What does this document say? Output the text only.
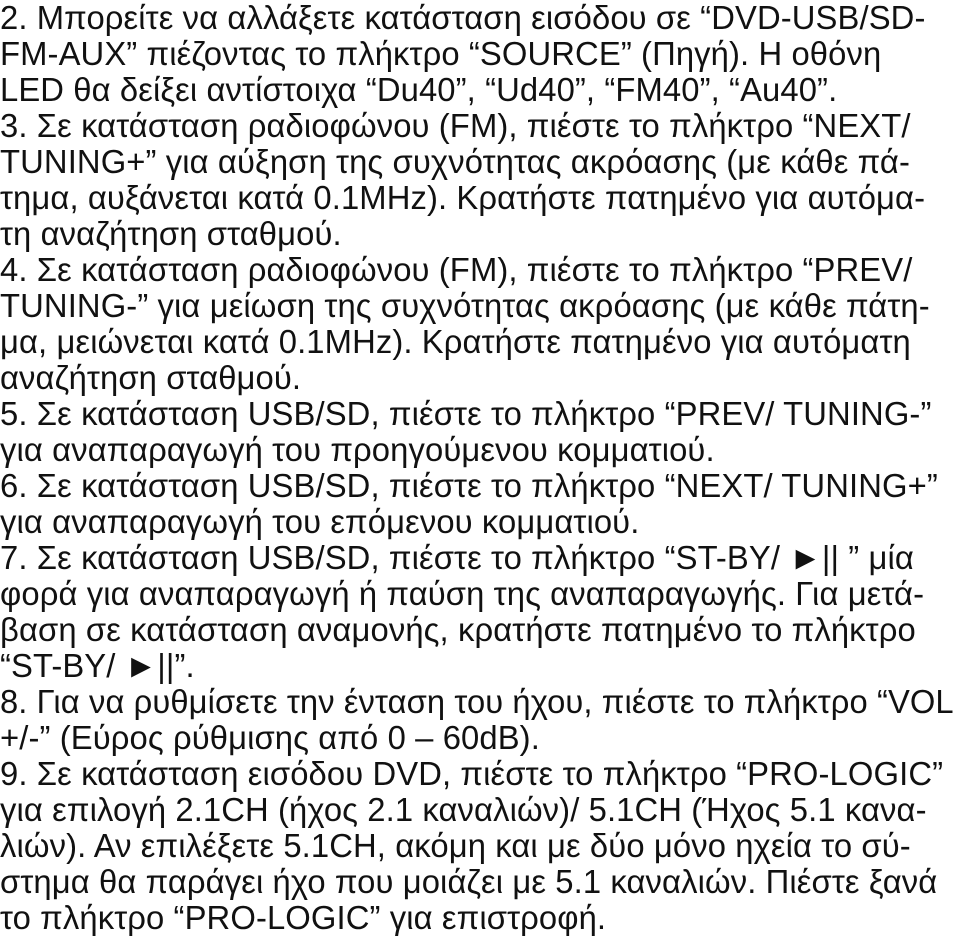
2. Μπορείτε να αλλάξετε κατάσταση εισόδου σε “DVD-USB/SD-
FM-AUX” πιέζοντας το πλήκτρο “SOURCE” (Πηγή). Η οθόνη
LED θα δείξει αντίστοιχα “Du40”, “Ud40”, “FM40”, “Au40”.
3. Σε κατάσταση ραδιοφώνου (FM), πιέστε το πλήκτρο “NEXT/
TUNING+” για αύξηση της συχνότητας ακρόασης (με κάθε πά-
τημα, αυξάνεται κατά 0.1MHz). Κρατήστε πατημένο για αυτόμα-
τη αναζήτηση σταθμού.
4. Σε κατάσταση ραδιοφώνου (FM), πιέστε το πλήκτρο “PREV/
TUNING-” για μείωση της συχνότητας ακρόασης (με κάθε πάτη-
μα, μειώνεται κατά 0.1MHz). Κρατήστε πατημένο για αυτόματη
αναζήτηση σταθμού.
5. Σε κατάσταση USB/SD, πιέστε το πλήκτρο “PREV/ TUNING-”
για αναπαραγωγή του προηγούμενου κομματιού.
6. Σε κατάσταση USB/SD, πιέστε το πλήκτρο “NEXT/ TUNING+”
για αναπαραγωγή του επόμενου κομματιού.
7. Σε κατάσταση USB/SD, πιέστε το πλήκτρο “ST-BY/ ►|| ” μία
φορά για αναπαραγωγή ή παύση της αναπαραγωγής. Για μετά-
βαση σε κατάσταση αναμονής, κρατήστε πατημένο το πλήκτρο
“ST-BY/ ►||”.
8. Για να ρυθμίσετε την ένταση του ήχου, πιέστε το πλήκτρο “VOL
+/-” (Εύρος ρύθμισης από 0 – 60dB).
9. Σε κατάσταση εισόδου DVD, πιέστε το πλήκτρο “PRO-LOGIC”
για επιλογή 2.1CH (ήχος 2.1 καναλιών)/ 5.1CH (Ήχος 5.1 κανα-
λιών). Αν επιλέξετε 5.1CH, ακόμη και με δύο μόνο ηχεία το σύ-
στημα θα παράγει ήχο που μοιάζει με 5.1 καναλιών. Πιέστε ξανά
το πλήκτρο “PRO-LOGIC” για επιστροφή.
